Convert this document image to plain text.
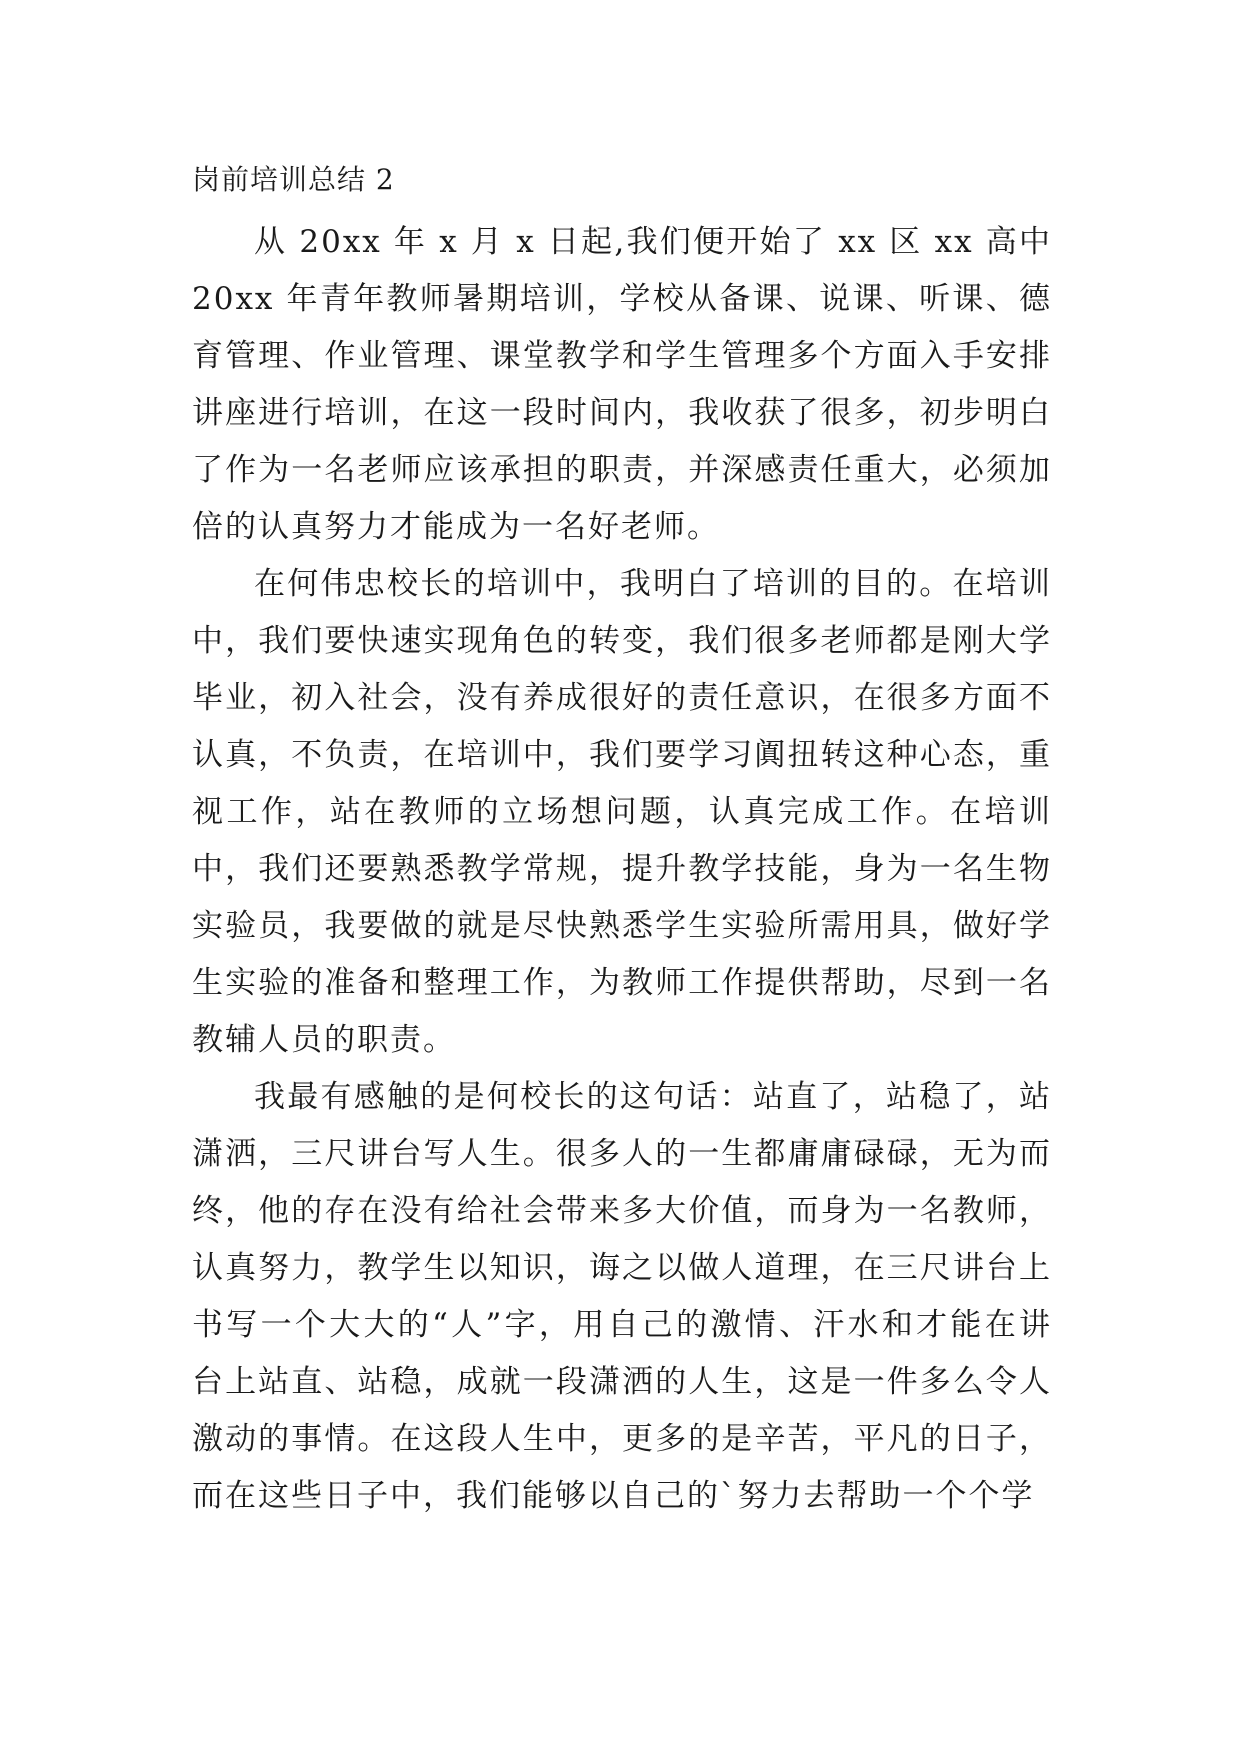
岗前培训总结 2

从 20xx 年 x 月 x 日起,我们便开始了 xx 区 xx 高中 20xx 年青年教师暑期培训，学校从备课、说课、听课、德育管理、作业管理、课堂教学和学生管理多个方面入手安排讲座进行培训，在这一段时间内，我收获了很多，初步明白了作为一名老师应该承担的职责，并深感责任重大，必须加倍的认真努力才能成为一名好老师。

在何伟忠校长的培训中，我明白了培训的目的。在培训中，我们要快速实现角色的转变，我们很多老师都是刚大学毕业，初入社会，没有养成很好的责任意识，在很多方面不认真，不负责，在培训中，我们要学习阗扭转这种心态，重视工作，站在教师的立场想问题，认真完成工作。在培训中，我们还要熟悉教学常规，提升教学技能，身为一名生物实验员，我要做的就是尽快熟悉学生实验所需用具，做好学生实验的准备和整理工作，为教师工作提供帮助，尽到一名教辅人员的职责。

我最有感触的是何校长的这句话：站直了，站稳了，站潇洒，三尺讲台写人生。很多人的一生都庸庸碌碌，无为而终，他的存在没有给社会带来多大价值，而身为一名教师，认真努力，教学生以知识，诲之以做人道理，在三尺讲台上书写一个大大的“人”字，用自己的激情、汗水和才能在讲台上站直、站稳，成就一段潇洒的人生，这是一件多么令人激动的事情。在这段人生中，更多的是辛苦，平凡的日子，而在这些日子中，我们能够以自己的`努力去帮助一个个学
